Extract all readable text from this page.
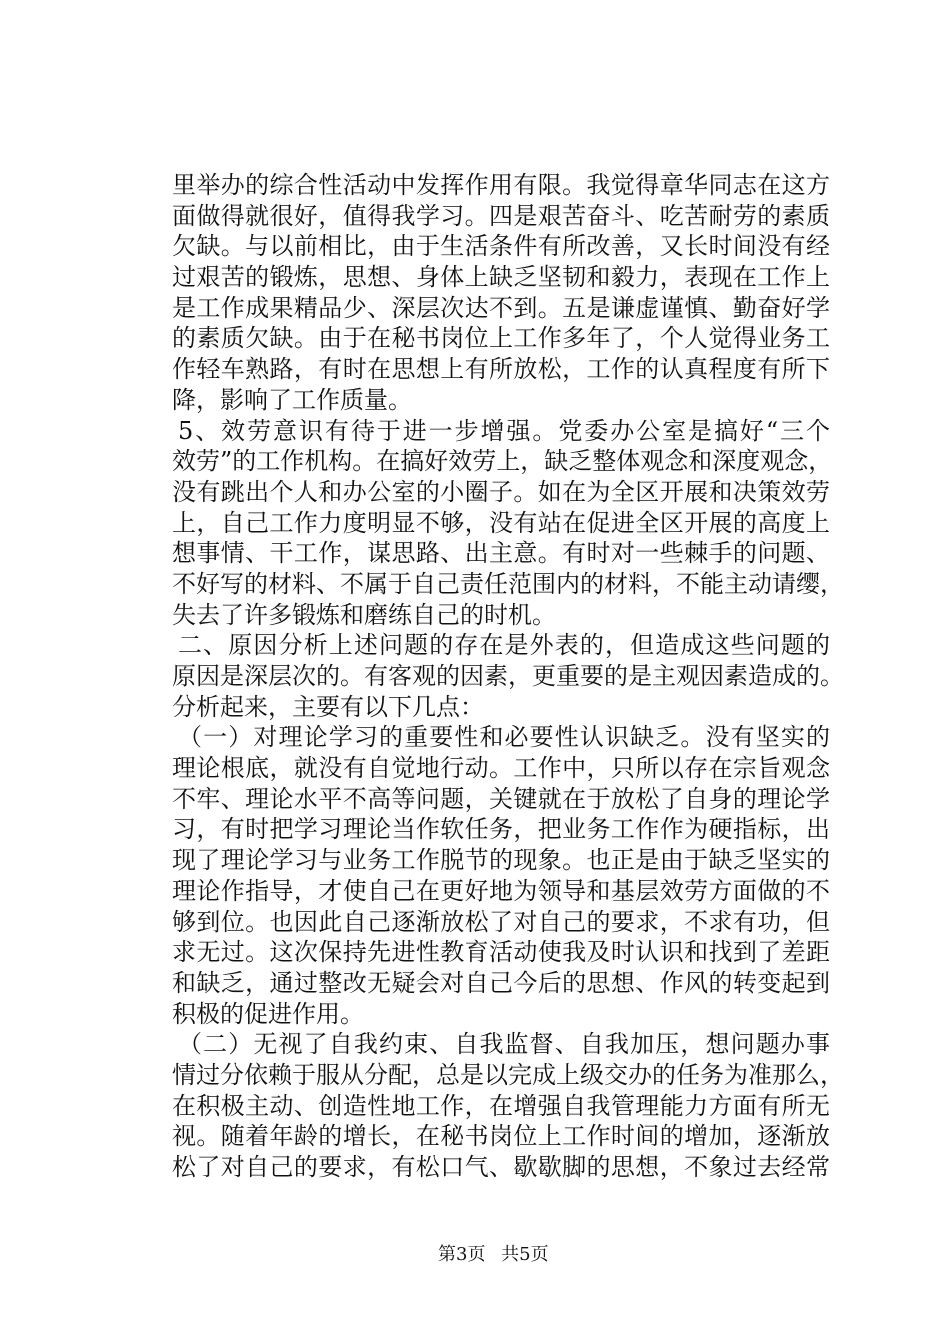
里举办的综合性活动中发挥作用有限。我觉得章华同志在这方
面做得就很好，值得我学习。四是艰苦奋斗、吃苦耐劳的素质
欠缺。与以前相比，由于生活条件有所改善，又长时间没有经
过艰苦的锻炼，思想、身体上缺乏坚韧和毅力，表现在工作上
是工作成果精品少、深层次达不到。五是谦虚谨慎、勤奋好学
的素质欠缺。由于在秘书岗位上工作多年了，个人觉得业务工
作轻车熟路，有时在思想上有所放松，工作的认真程度有所下
降，影响了工作质量。
5、效劳意识有待于进一步增强。党委办公室是搞好“三个
效劳”的工作机构。在搞好效劳上，缺乏整体观念和深度观念，
没有跳出个人和办公室的小圈子。如在为全区开展和决策效劳
上，自己工作力度明显不够，没有站在促进全区开展的高度上
想事情、干工作，谋思路、出主意。有时对一些棘手的问题、
不好写的材料、不属于自己责任范围内的材料，不能主动请缨，
失去了许多锻炼和磨练自己的时机。
二、原因分析上述问题的存在是外表的，但造成这些问题的
原因是深层次的。有客观的因素，更重要的是主观因素造成的。
分析起来，主要有以下几点：
（一）对理论学习的重要性和必要性认识缺乏。没有坚实的
理论根底，就没有自觉地行动。工作中，只所以存在宗旨观念
不牢、理论水平不高等问题，关键就在于放松了自身的理论学
习，有时把学习理论当作软任务，把业务工作作为硬指标，出
现了理论学习与业务工作脱节的现象。也正是由于缺乏坚实的
理论作指导，才使自己在更好地为领导和基层效劳方面做的不
够到位。也因此自己逐渐放松了对自己的要求，不求有功，但
求无过。这次保持先进性教育活动使我及时认识和找到了差距
和缺乏，通过整改无疑会对自己今后的思想、作风的转变起到
积极的促进作用。
（二）无视了自我约束、自我监督、自我加压，想问题办事
情过分依赖于服从分配，总是以完成上级交办的任务为准那么，
在积极主动、创造性地工作，在增强自我管理能力方面有所无
视。随着年龄的增长，在秘书岗位上工作时间的增加，逐渐放
松了对自己的要求，有松口气、歇歇脚的思想，不象过去经常
第3页 共5页
